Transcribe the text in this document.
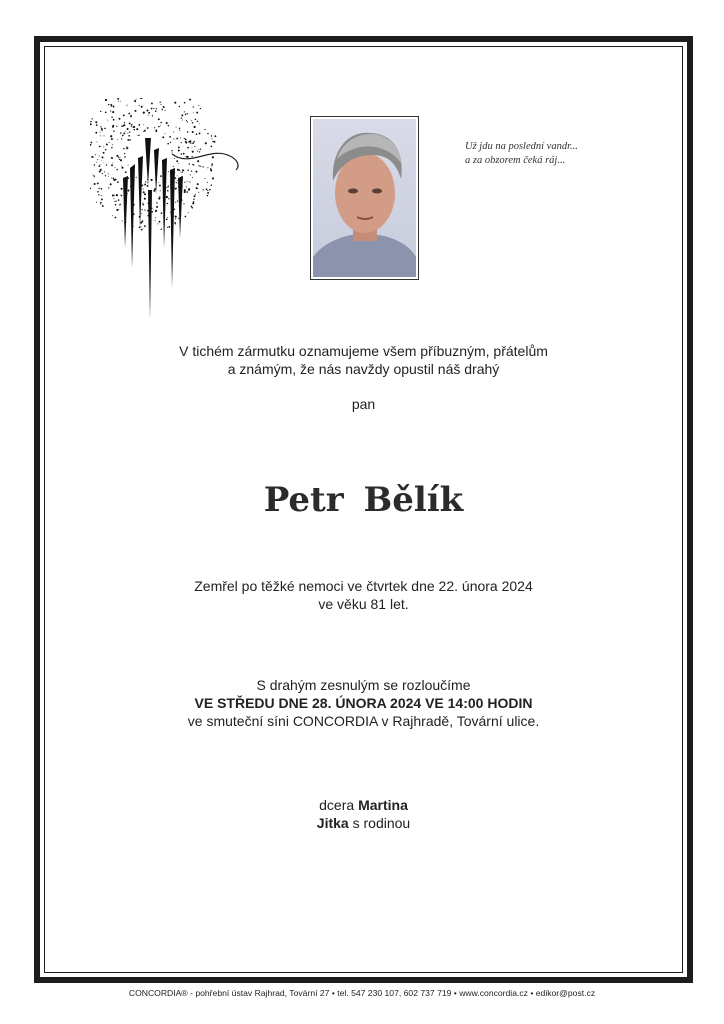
Už jdu na poslední vandr...
a za obzorem čeká ráj...
V tichém zármutku oznamujeme všem příbuzným, přátelům
a známým, že nás navždy opustil náš drahý
pan
Petr Bělík
Zemřel po těžké nemoci ve čtvrtek dne 22. února 2024
ve věku 81 let.
S drahým zesnulým se rozloučíme
VE STŘEDU DNE 28. ÚNORA 2024 VE 14:00 HODIN
ve smuteční síni CONCORDIA v Rajhradě, Tovární ulice.
dcera Martina
Jitka s rodinou
CONCORDIA® - pohřební ústav Rajhrad, Tovární 27 • tel. 547 230 107, 602 737 719 • www.concordia.cz • edikor@post.cz
